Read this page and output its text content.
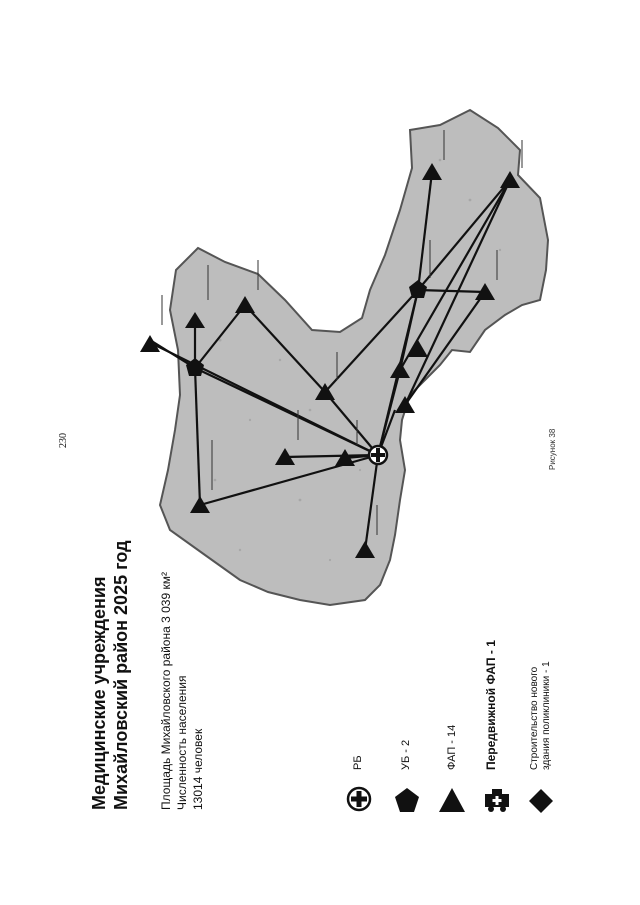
230
Медицинские учреждения Михайловский район 2025 год Площадь Михайловского района 3 039 км² Численность населения 13014 человек	РБ	УБ - 2	ФАП - 14 Передвижной ФАП - 1	Строительство нового здания поликлиники - 1
Рисунок 38
